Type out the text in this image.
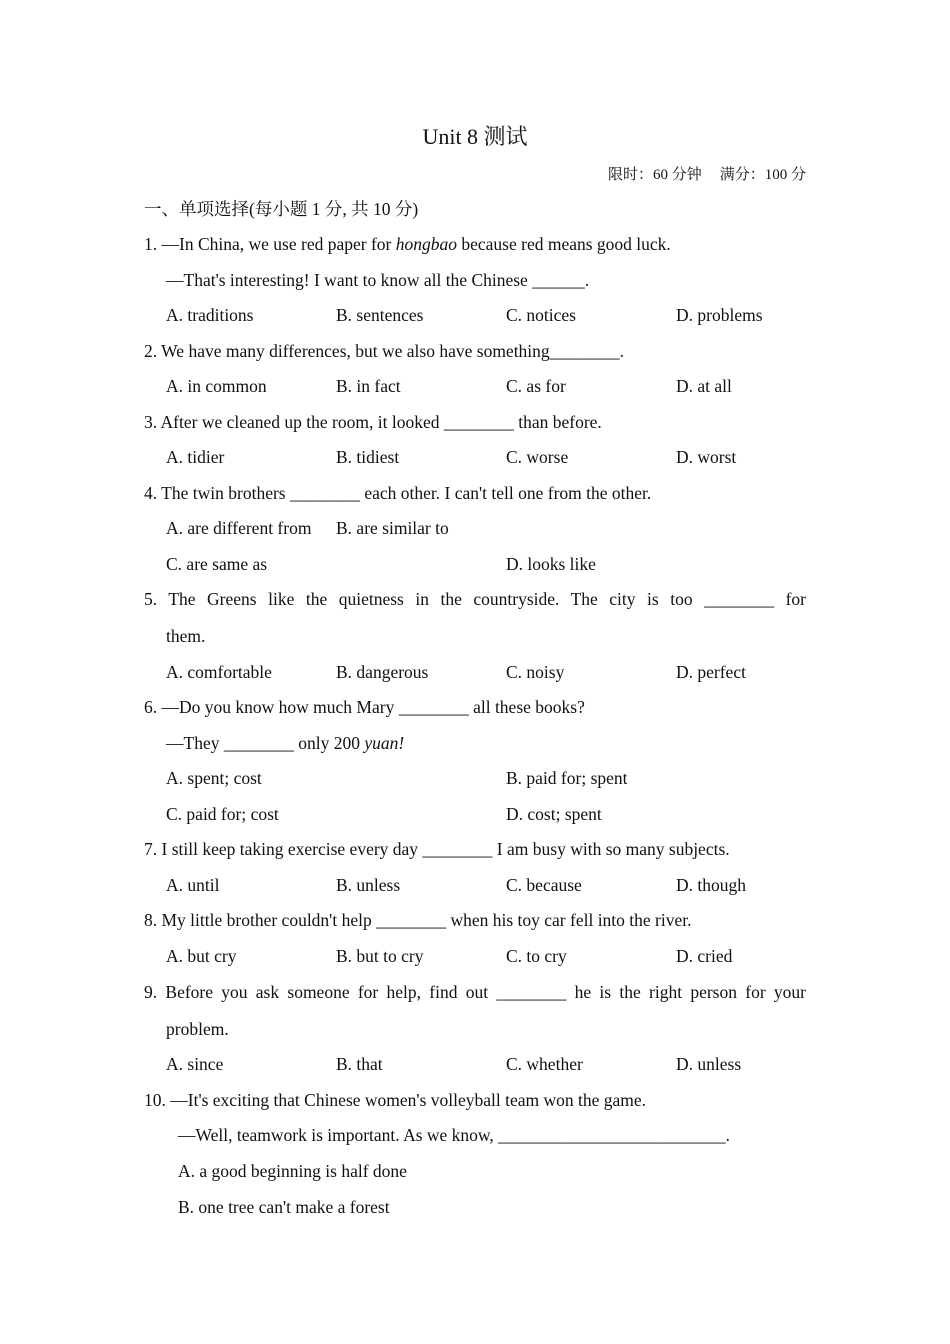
Unit 8 测试
限时：60 分钟 满分：100 分
一、单项选择(每小题 1 分, 共 10 分)
1. —In China, we use red paper for hongbao because red means good luck.
—That's interesting! I want to know all the Chinese ______.
A. traditions	B. sentences	C. notices	D. problems
2. We have many differences, but we also have something________.
A. in common	B. in fact	C. as for	D. at all
3. After we cleaned up the room, it looked ________ than before.
A. tidier	B. tidiest	C. worse	D. worst
4. The twin brothers ________ each other. I can't tell one from the other.
A. are different from B. are similar to
C. are same as	D. looks like
5. The Greens like the quietness in the countryside. The city is too ________ for
them.
A. comfortable	B. dangerous	C. noisy	D. perfect
6. —Do you know how much Mary ________ all these books?
—They ________ only 200 yuan!
A. spent; cost	B. paid for; spent
C. paid for; cost	D. cost; spent
7. I still keep taking exercise every day ________ I am busy with so many subjects.
A. until	B. unless	C. because	D. though
8. My little brother couldn't help ________ when his toy car fell into the river.
A. but cry	B. but to cry	C. to cry	D. cried
9. Before you ask someone for help, find out ________ he is the right person for your
problem.
A. since	B. that	C. whether	D. unless
10. —It's exciting that Chinese women's volleyball team won the game.
—Well, teamwork is important. As we know, __________________________.
A. a good beginning is half done
B. one tree can't make a forest
